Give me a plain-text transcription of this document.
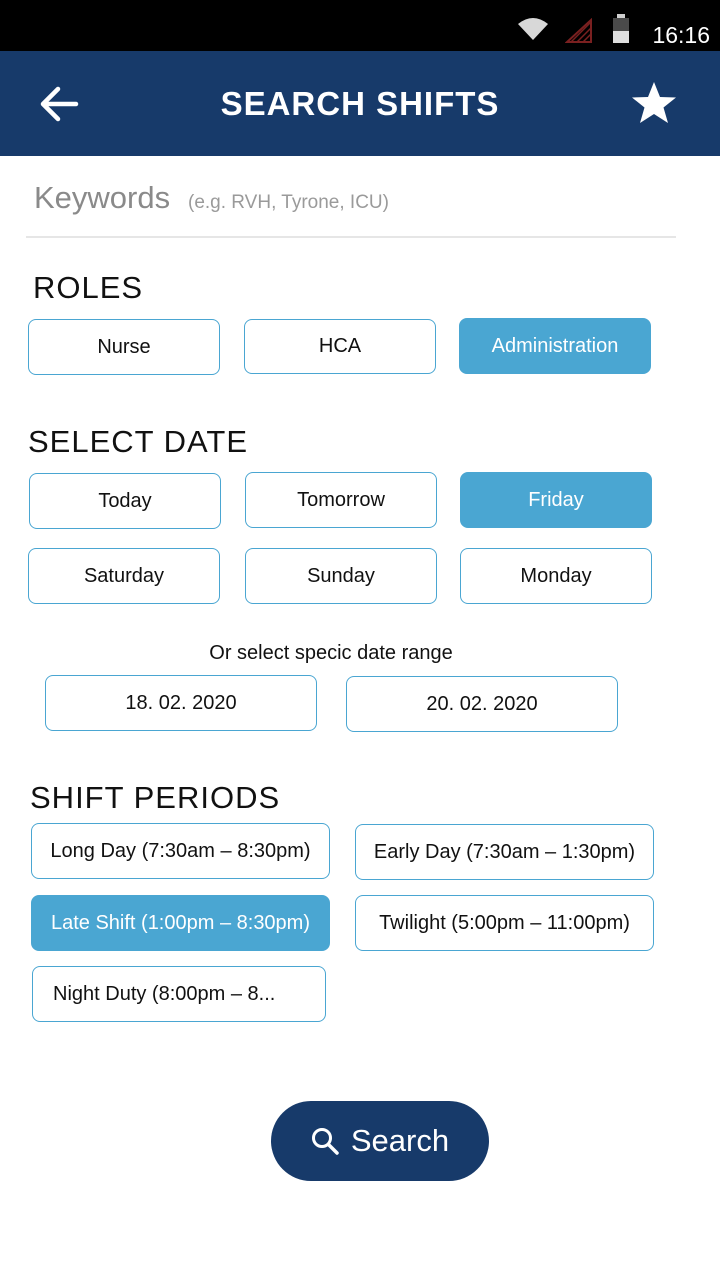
16:16
SEARCH SHIFTS
Keywords (e.g. RVH, Tyrone, ICU)
ROLES
Nurse	HCA	Administration
SELECT DATE
Today	Tomorrow	Friday
Saturday	Sunday	Monday
Or select specic date range
18. 02. 2020	20. 02. 2020
SHIFT PERIODS
Long Day (7:30am – 8:30pm)	Early Day (7:30am – 1:30pm)
Late Shift (1:00pm – 8:30pm)	Twilight (5:00pm – 11:00pm)
Night Duty (8:00pm – 8...
Search
